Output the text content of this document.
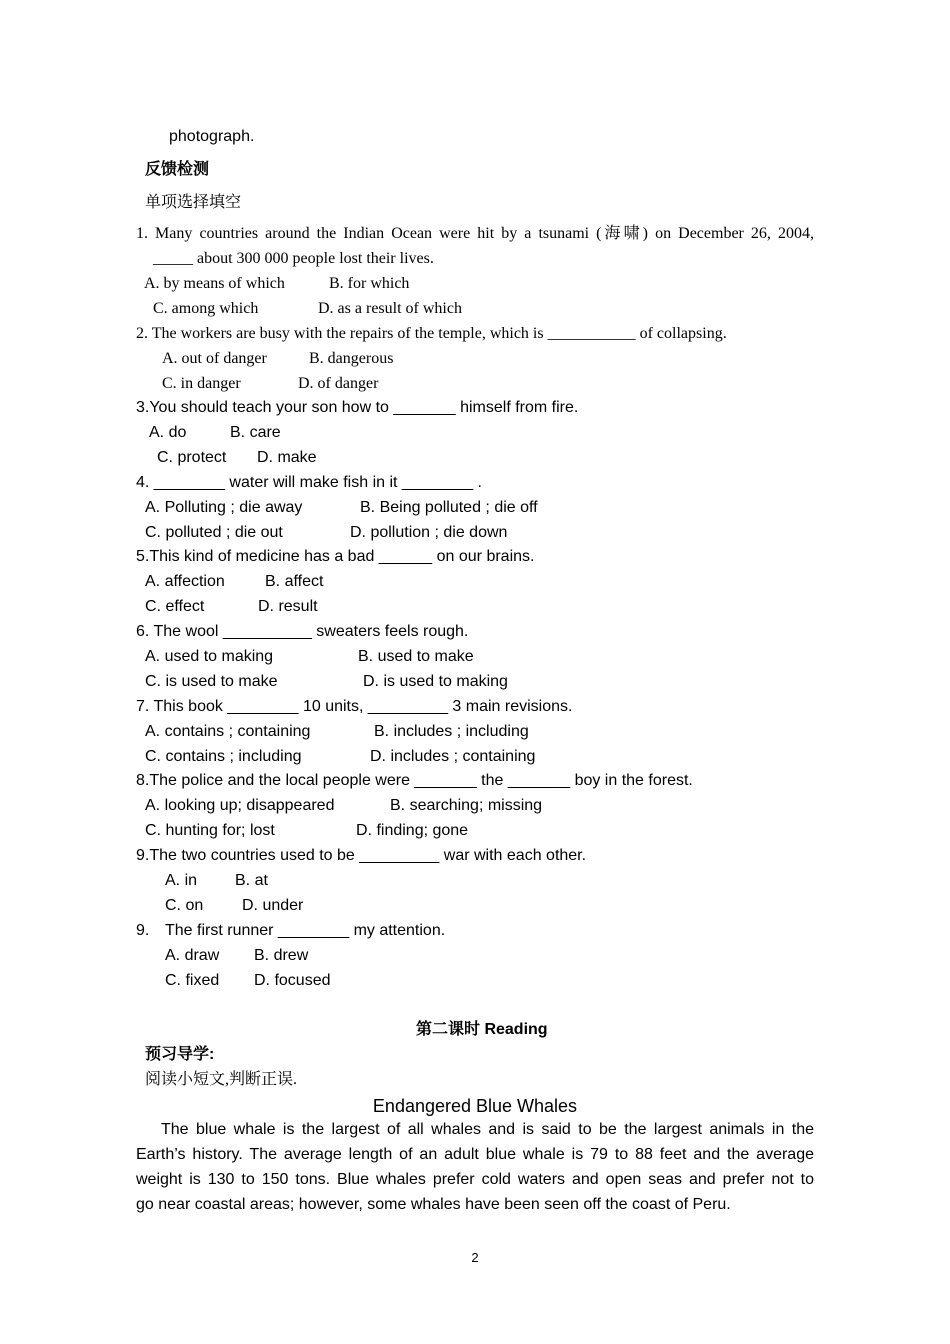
photograph.
反馈检测
单项选择填空
1. Many countries around the Indian Ocean were hit by a tsunami (海啸) on December 26, 2004,
_____ about 300 000 people lost their lives.
A. by means of which	B. for which
C. among which	D. as a result of which
2. The workers are busy with the repairs of the temple, which is ___________ of collapsing.
A. out of danger	B. dangerous
C. in danger	D. of danger
3.You should teach your son how to _______ himself from fire.
A. do	B. care
C. protect D. make
4. ________ water will make fish in it ________ .
A. Polluting ; die away	B. Being polluted ; die off
C. polluted ; die out	D. pollution ; die down
5.This kind of medicine has a bad ______ on our brains.
A. affection	B. affect
C. effect	D. result
6. The wool __________ sweaters feels rough.
A. used to making	B. used to make
C. is used to make	D. is used to making
7. This book ________ 10 units, _________ 3 main revisions.
A. contains ; containing	B. includes ; including
C. contains ; including	D. includes ; containing
8.The police and the local people were _______ the _______ boy in the forest.
A. looking up; disappeared	B. searching; missing
C. hunting for; lost	D. finding; gone
9.The two countries used to be _________ war with each other.
A. in B. at
C. on D. under
9. The first runner ________ my attention.
A. draw B. drew
C. fixed D. focused
第二课时 Reading
预习导学:
阅读小短文,判断正误.
Endangered Blue Whales
The blue whale is the largest of all whales and is said to be the largest animals in the
Earth’s history. The average length of an adult blue whale is 79 to 88 feet and the average
weight is 130 to 150 tons. Blue whales prefer cold waters and open seas and prefer not to
go near coastal areas; however, some whales have been seen off the coast of Peru.
2
